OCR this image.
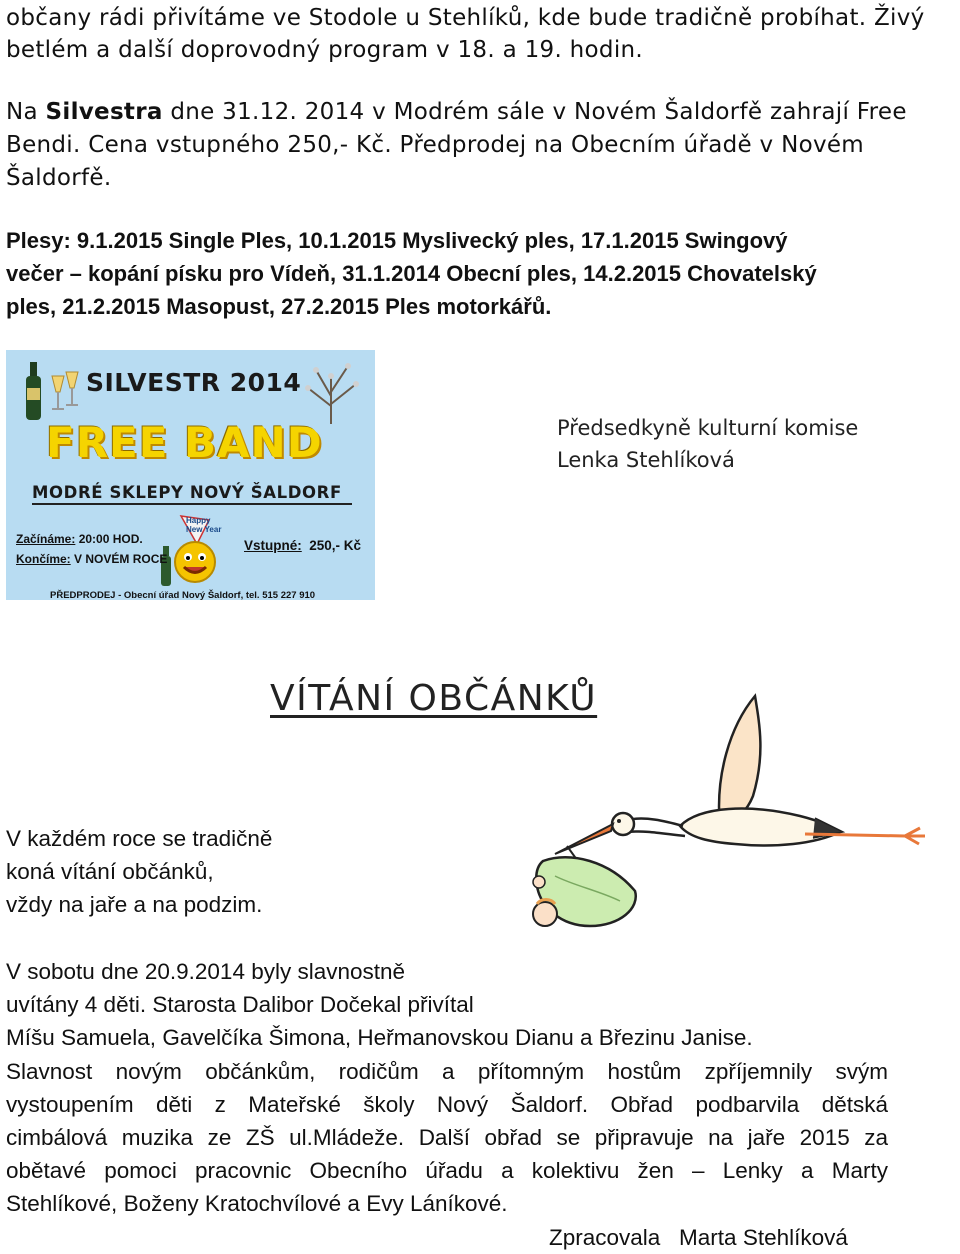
občany rádi přivítáme ve Stodole u Stehlíků, kde bude tradičně probíhat. Živý
betlém a další doprovodný program v 18. a 19. hodin.
Na Silvestra dne 31.12. 2014 v Modrém sále v Novém Šaldorfě zahrají Free
Bendi. Cena vstupného 250,- Kč. Předprodej na Obecním úřadě v Novém
Šaldorfě.
Plesy: 9.1.2015 Single Ples, 10.1.2015 Myslivecký ples, 17.1.2015 Swingový
večer – kopání písku pro Vídeň, 31.1.2014 Obecní ples, 14.2.2015 Chovatelský
ples, 21.2.2015 Masopust, 27.2.2015 Ples motorkářů.
SILVESTR 2014
FREE BAND
MODRÉ SKLEPY NOVÝ ŠALDORF
Happy New Year
Začínáme: 20:00 HOD.
Končíme: V NOVÉM ROCE
Vstupné: 250,- Kč
PŘEDPRODEJ - Obecní úřad Nový Šaldorf, tel. 515 227 910
Předsedkyně kulturní komise
Lenka Stehlíková
VÍTÁNÍ OBČÁNKŮ
V každém roce se tradičně
koná vítání občánků,
vždy na jaře a na podzim.
V sobotu dne 20.9.2014 byly slavnostně
uvítány 4 děti. Starosta Dalibor Dočekal přivítal
Míšu Samuela, Gavelčíka Šimona, Heřmanovskou Dianu a Březinu Janise.
Slavnost novým občánkům, rodičům a přítomným hostům zpříjemnily svým
vystoupením děti z Mateřské školy Nový Šaldorf. Obřad podbarvila dětská
cimbálová muzika ze ZŠ ul.Mládeže. Další obřad se připravuje na jaře 2015 za
obětavé pomoci pracovnic Obecního úřadu a kolektivu žen – Lenky a Marty
Stehlíkové, Boženy Kratochvílové a Evy Láníkové.
Zpracovala   Marta Stehlíková
